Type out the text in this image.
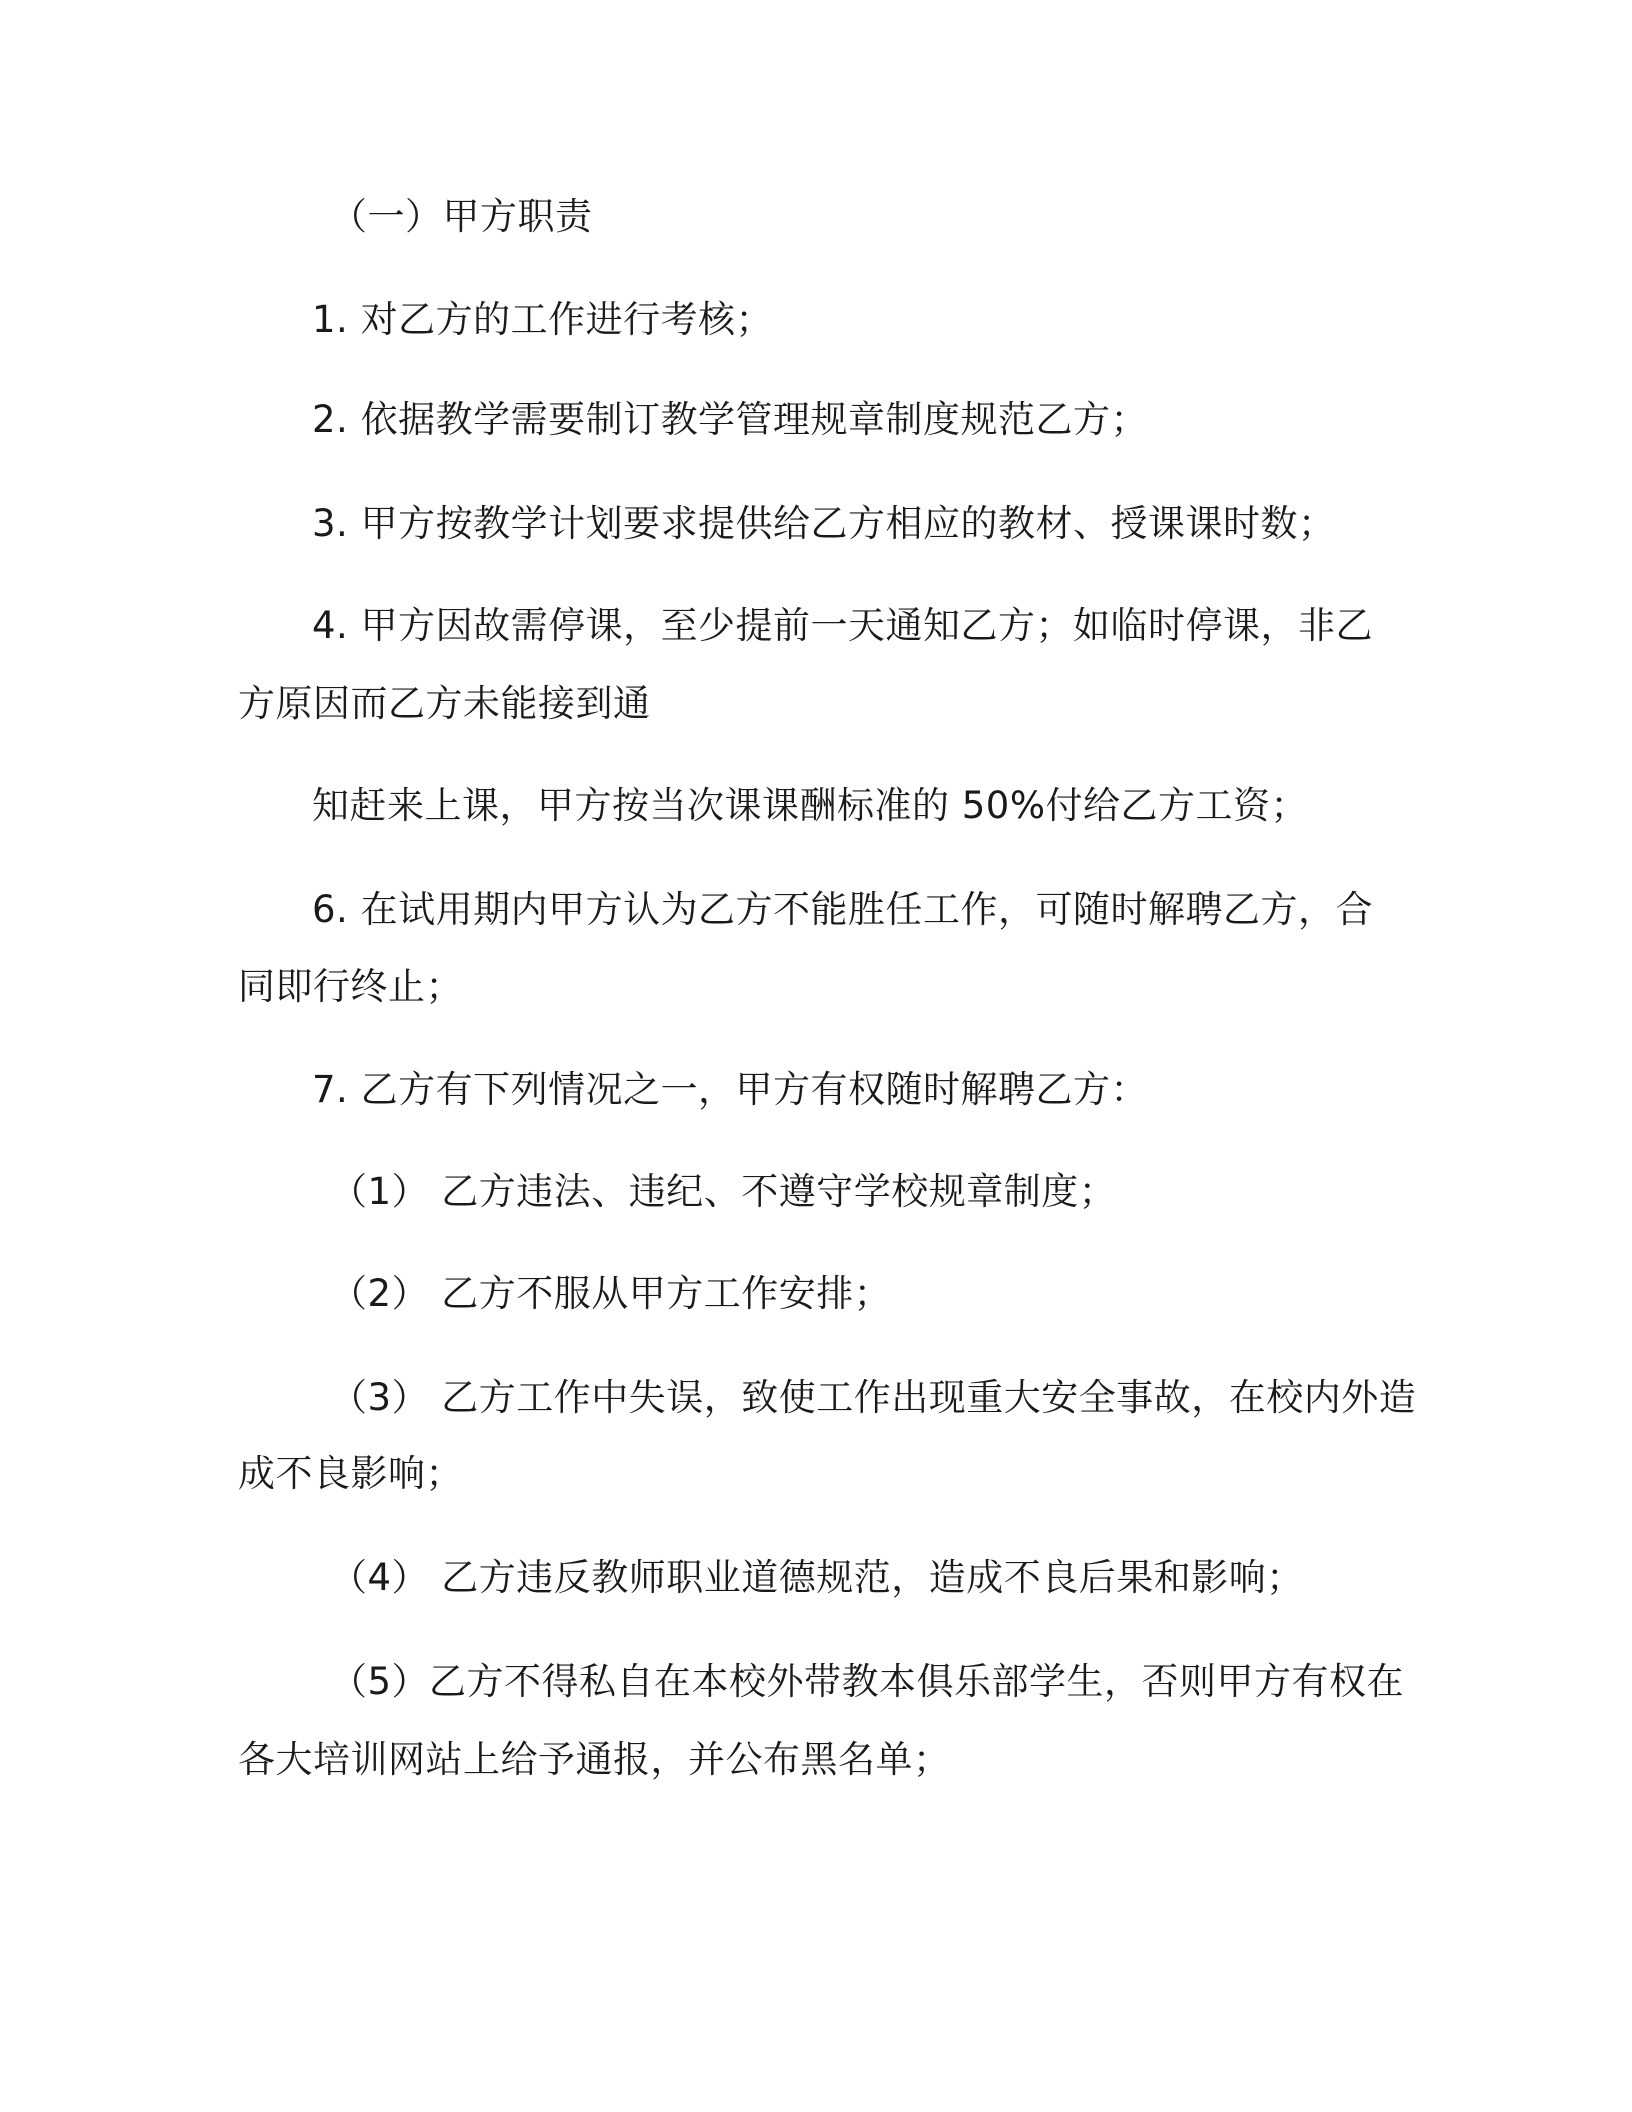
（一）甲方职责
1. 对乙方的工作进行考核；
2. 依据教学需要制订教学管理规章制度规范乙方；
3. 甲方按教学计划要求提供给乙方相应的教材、授课课时数；
4. 甲方因故需停课，至少提前一天通知乙方；如临时停课，非乙
方原因而乙方未能接到通
知赶来上课，甲方按当次课课酬标准的 50%付给乙方工资；
6. 在试用期内甲方认为乙方不能胜任工作，可随时解聘乙方，合
同即行终止；
7. 乙方有下列情况之一，甲方有权随时解聘乙方：
（1） 乙方违法、违纪、不遵守学校规章制度；
（2） 乙方不服从甲方工作安排；
（3） 乙方工作中失误，致使工作出现重大安全事故，在校内外造
成不良影响；
（4） 乙方违反教师职业道德规范，造成不良后果和影响；
（5）乙方不得私自在本校外带教本俱乐部学生，否则甲方有权在
各大培训网站上给予通报，并公布黑名单；
